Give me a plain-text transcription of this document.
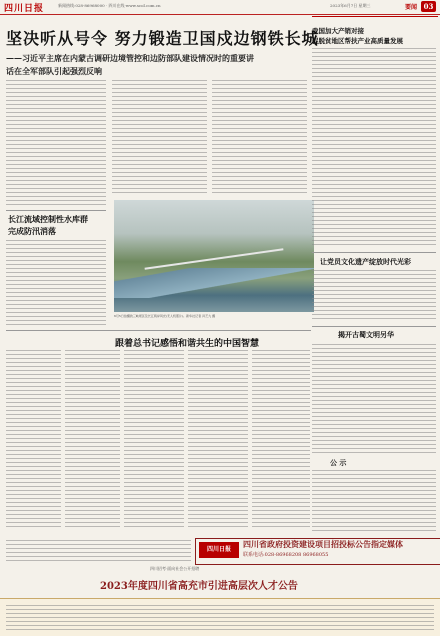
四川日报	新闻热线:028-86968000 · 四川在线·www.scol.com.cn	2023年6月7日 星期三	要闻 03
坚决听从号令 努力锻造卫国戍边钢铁长城
——习近平主席在内蒙古调研边境管控和边防部队建设情况时的重要讲
话在全军部队引起强烈反响
长江流域控制性水库群
完成防汛消落
6月5日拍摄的三峡坝区及长江两岸风光(无人机照片)。新华社记者 肖艺九 摄
跟着总书记感悟和谐共生的中国智慧
我国加大产销对接
促脱贫地区帮扶产业高质量发展
让党员文化遗产绽放时代光彩
揭开古蜀文明另华
公 示
四川日报
四川省政府投资建设项目招投标公告指定媒体
联系电话:028-86968208 86968055
四川招考·面向社会公开招聘
2023年度四川省高充市引进高层次人才公告
